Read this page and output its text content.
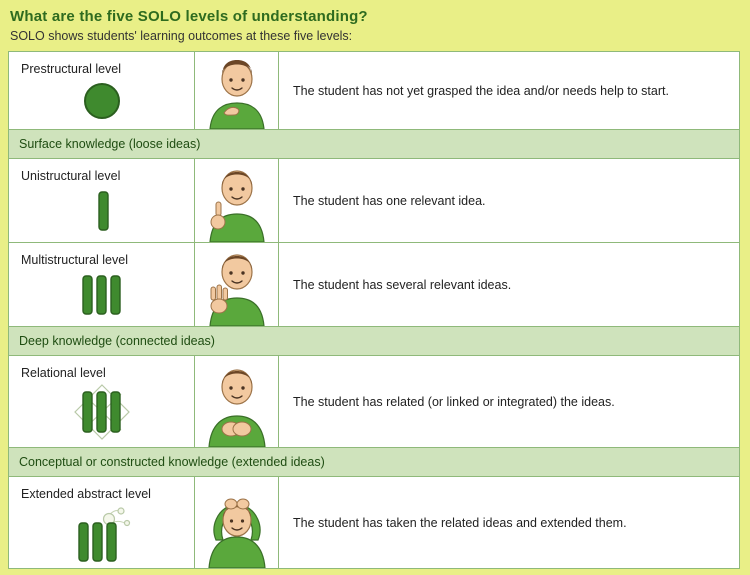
What are the five SOLO levels of understanding?
SOLO shows students' learning outcomes at these five levels:
Prestructural level
The student has not yet grasped the idea and/or needs help to start.
Surface knowledge (loose ideas)
Unistructural level
The student has one relevant idea.
Multistructural level
The student has several relevant ideas.
Deep knowledge (connected ideas)
Relational level
The student has related (or linked or integrated) the ideas.
Conceptual or constructed knowledge (extended ideas)
Extended abstract level
The student has taken the related ideas and extended them.
